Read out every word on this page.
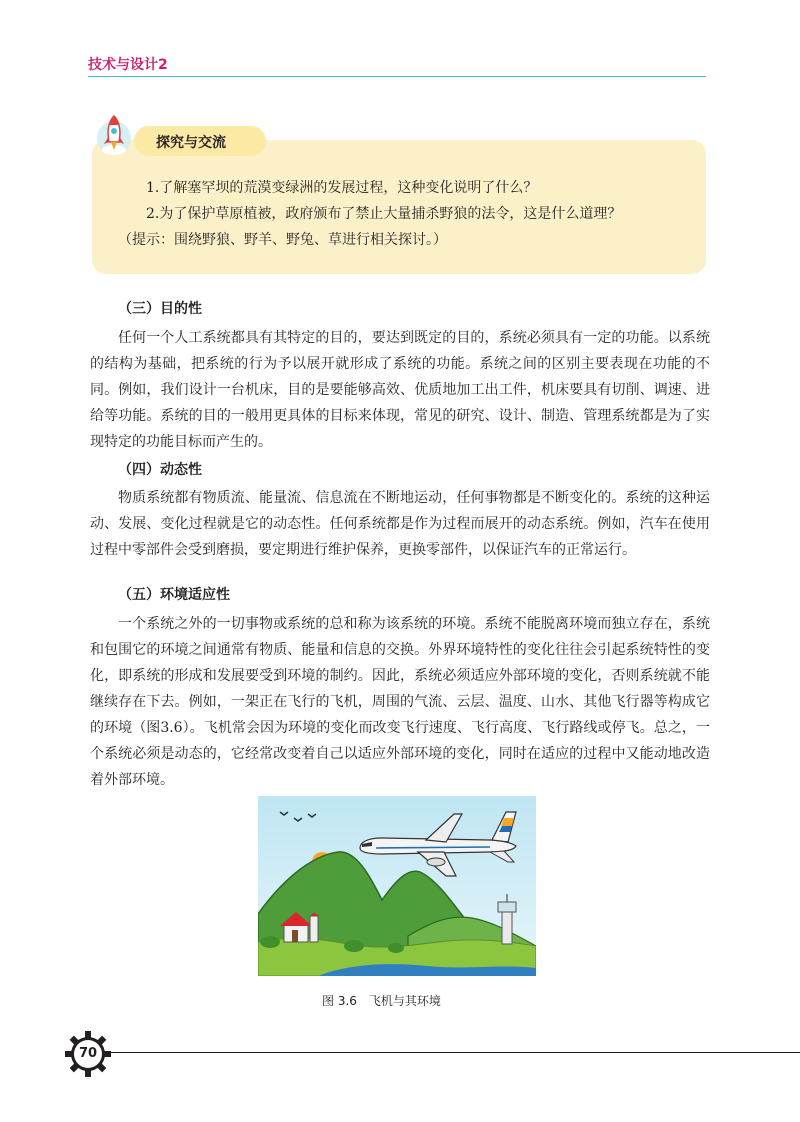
技术与设计2
探究与交流
1.了解塞罕坝的荒漠变绿洲的发展过程，这种变化说明了什么？
2.为了保护草原植被，政府颁布了禁止大量捕杀野狼的法令，这是什么道理？
（提示：围绕野狼、野羊、野兔、草进行相关探讨。）
（三）目的性

任何一个人工系统都具有其特定的目的，要达到既定的目的，系统必须具有一定的功能。以系统的结构为基础，把系统的行为予以展开就形成了系统的功能。系统之间的区别主要表现在功能的不同。例如，我们设计一台机床，目的是要能够高效、优质地加工出工件，机床要具有切削、调速、进给等功能。系统的目的一般用更具体的目标来体现，常见的研究、设计、制造、管理系统都是为了实现特定的功能目标而产生的。

（四）动态性

物质系统都有物质流、能量流、信息流在不断地运动，任何事物都是不断变化的。系统的这种运动、发展、变化过程就是它的动态性。任何系统都是作为过程而展开的动态系统。例如，汽车在使用过程中零部件会受到磨损，要定期进行维护保养，更换零部件，以保证汽车的正常运行。

（五）环境适应性

一个系统之外的一切事物或系统的总和称为该系统的环境。系统不能脱离环境而独立存在，系统和包围它的环境之间通常有物质、能量和信息的交换。外界环境特性的变化往往会引起系统特性的变化，即系统的形成和发展要受到环境的制约。因此，系统必须适应外部环境的变化，否则系统就不能继续存在下去。例如，一架正在飞行的飞机，周围的气流、云层、温度、山水、其他飞行器等构成它的环境（图3.6）。飞机常会因为环境的变化而改变飞行速度、飞行高度、飞行路线或停飞。总之，一个系统必须是动态的，它经常改变着自己以适应外部环境的变化，同时在适应的过程中又能动地改造着外部环境。

图 3.6　飞机与其环境
70
